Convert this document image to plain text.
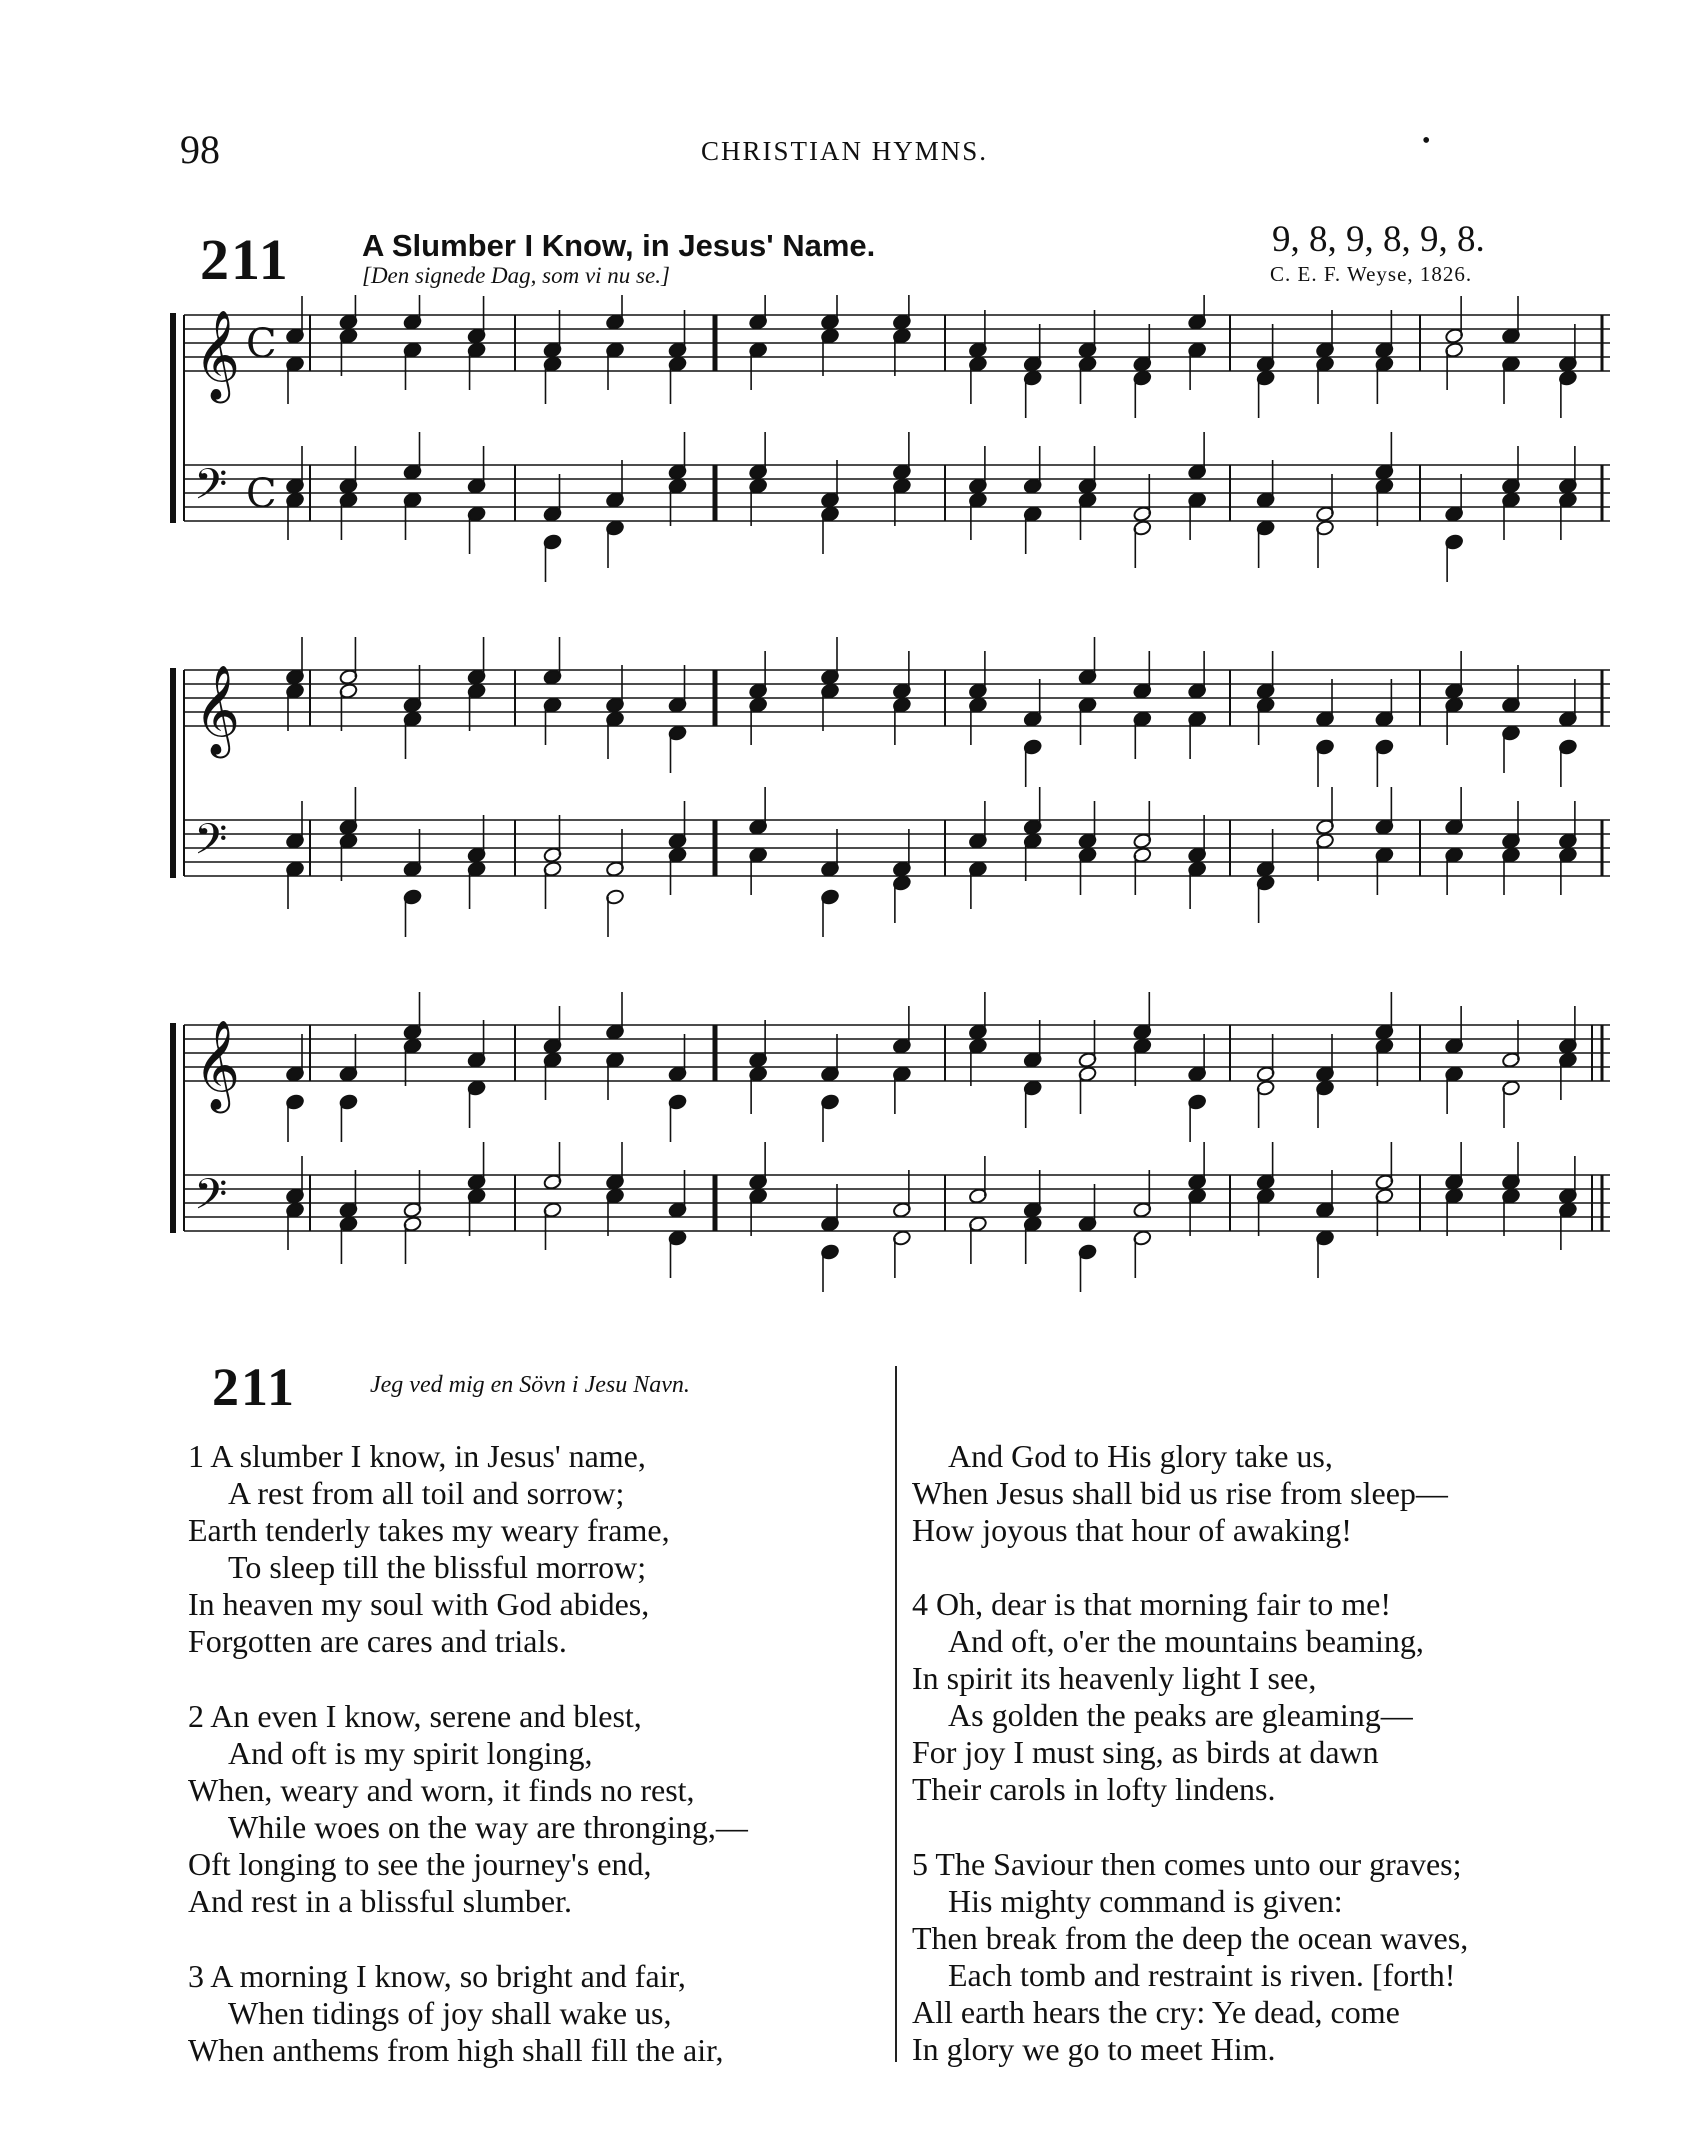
98	CHRISTIAN HYMNS.	•
211 A Slumber I Know, in Jesus' Name.
[Den signede Dag, som vi nu se.]
9, 8, 9, 8, 9, 8.
C. E. F. Weyse, 1826.
𝄞 C
𝄢 C
𝄞
𝄢
𝄞
𝄢
211	Jeg ved mig en Sövn i Jesu Navn.
1 A slumber I know, in Jesus' name,
A rest from all toil and sorrow;
Earth tenderly takes my weary frame,
To sleep till the blissful morrow;
In heaven my soul with God abides,
Forgotten are cares and trials.
2 An even I know, serene and blest,
And oft is my spirit longing,
When, weary and worn, it finds no rest,
While woes on the way are thronging,—
Oft longing to see the journey's end,
And rest in a blissful slumber.
3 A morning I know, so bright and fair,
When tidings of joy shall wake us,
When anthems from high shall fill the air,
And God to His glory take us,
When Jesus shall bid us rise from sleep—
How joyous that hour of awaking!
4 Oh, dear is that morning fair to me!
And oft, o'er the mountains beaming,
In spirit its heavenly light I see,
As golden the peaks are gleaming—
For joy I must sing, as birds at dawn
Their carols in lofty lindens.
5 The Saviour then comes unto our graves;
His mighty command is given:
Then break from the deep the ocean waves,
Each tomb and restraint is riven. [forth!
All earth hears the cry: Ye dead, come
In glory we go to meet Him.
